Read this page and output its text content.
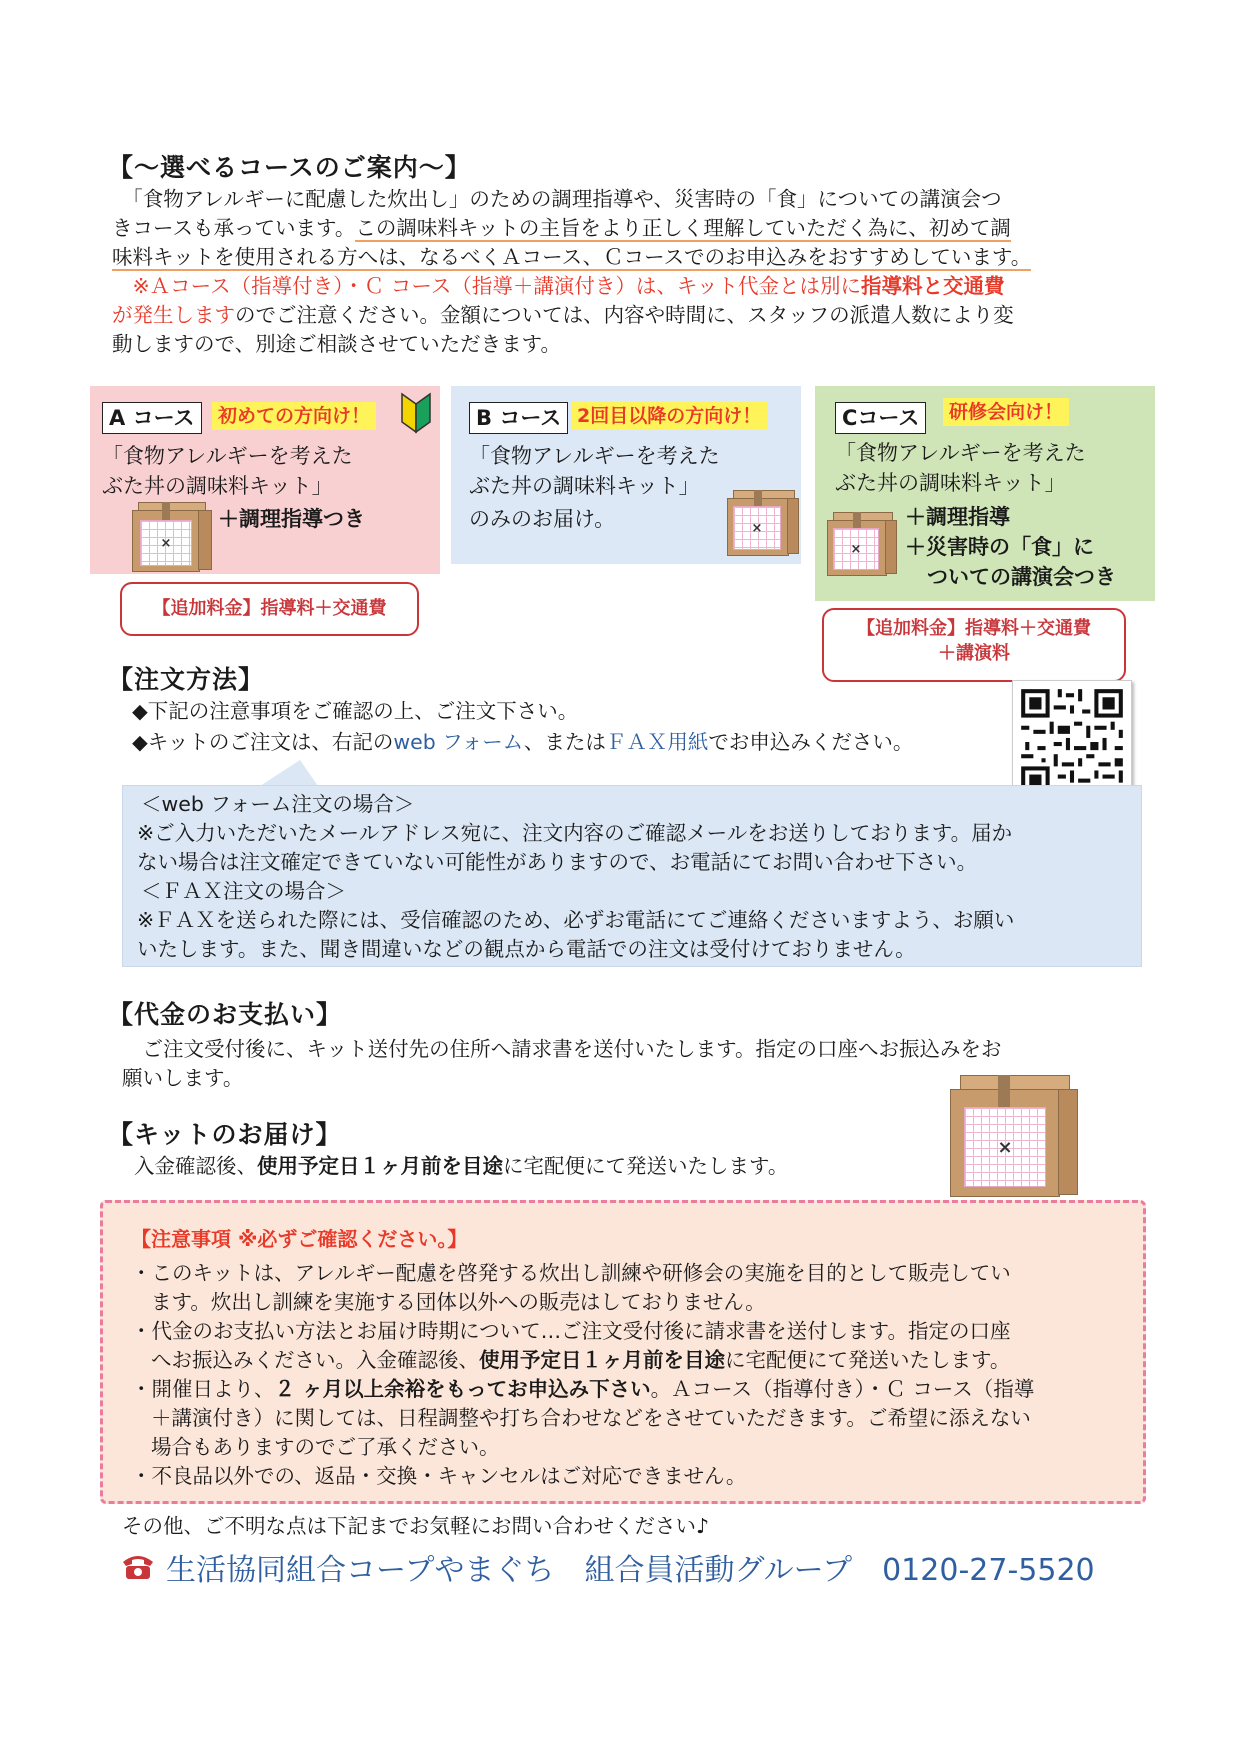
【～選べるコースのご案内～】
　「食物アレルギーに配慮した炊出し」のための調理指導や、災害時の「食」についての講演会つ
きコースも承っています。この調味料キットの主旨をより正しく理解していただく為に、初めて調
味料キットを使用される方へは、なるべくＡコース、Ｃコースでのお申込みをおすすめしています。
　※Ａコース（指導付き）・Ｃ コース（指導＋講演付き）は、キット代金とは別に指導料と交通費
が発生しますのでご注意ください。金額については、内容や時間に、スタッフの派遣人数により変
動しますので、別途ご相談させていただきます。
A コース	初めての方向け！
「食物アレルギーを考えた
ぶた丼の調味料キット」
＋調理指導つき
×
【追加料金】指導料＋交通費
B コース 2回目以降の方向け！
「食物アレルギーを考えた
ぶた丼の調味料キット」
のみのお届け。	×
Cコース	研修会向け！
「食物アレルギーを考えた
ぶた丼の調味料キット」
＋調理指導
＋災害時の「食」に
ついての講演会つき
×
【追加料金】指導料＋交通費
＋講演料
【注文方法】
◆下記の注意事項をご確認の上、ご注文下さい。
◆キットのご注文は、右記のweb フォーム、またはＦＡＸ用紙でお申込みください。
＜web フォーム注文の場合＞
※ご入力いただいたメールアドレス宛に、注文内容のご確認メールをお送りしております。届か
ない場合は注文確定できていない可能性がありますので、お電話にてお問い合わせ下さい。
＜ＦＡＸ注文の場合＞
※ＦＡＸを送られた際には、受信確認のため、必ずお電話にてご連絡くださいますよう、お願い
いたします。また、聞き間違いなどの観点から電話での注文は受付けておりません。
【代金のお支払い】
　ご注文受付後に、キット送付先の住所へ請求書を送付いたします。指定の口座へお振込みをお
願いします。
×
【キットのお届け】
入金確認後、使用予定日１ヶ月前を目途に宅配便にて発送いたします。
【注意事項 ※必ずご確認ください。】
・このキットは、アレルギー配慮を啓発する炊出し訓練や研修会の実施を目的として販売してい
ます。炊出し訓練を実施する団体以外への販売はしておりません。
・代金のお支払い方法とお届け時期について…ご注文受付後に請求書を送付します。指定の口座
へお振込みください。入金確認後、使用予定日１ヶ月前を目途に宅配便にて発送いたします。
・開催日より、２ ヶ月以上余裕をもってお申込み下さい。Ａコース（指導付き）・Ｃ コース（指導
＋講演付き）に関しては、日程調整や打ち合わせなどをさせていただきます。ご希望に添えない
場合もありますのでご了承ください。
・不良品以外での、返品・交換・キャンセルはご対応できません。
その他、ご不明な点は下記までお気軽にお問い合わせください♪
生活協同組合コープやまぐち　組合員活動グループ　0120-27-5520
